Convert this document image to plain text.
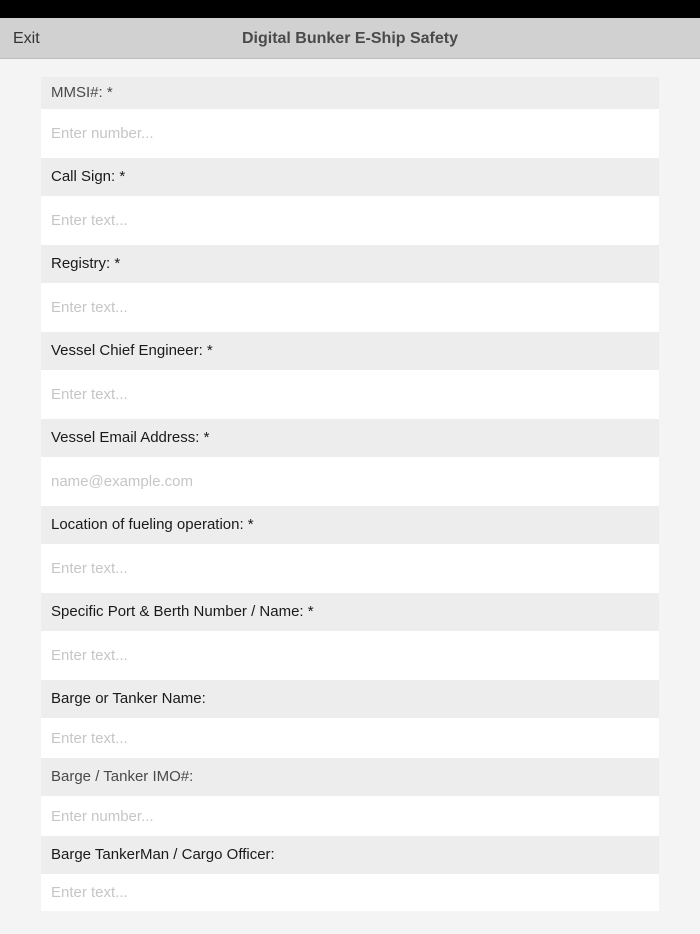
Exit	Digital Bunker E-Ship Safety
MMSI#: *
Enter number...
Call Sign: *
Enter text...
Registry: *
Enter text...
Vessel Chief Engineer: *
Enter text...
Vessel Email Address: *
name@example.com
Location of fueling operation: *
Enter text...
Specific Port & Berth Number / Name: *
Enter text...
Barge or Tanker Name:
Enter text...
Barge / Tanker IMO#:
Enter number...
Barge TankerMan / Cargo Officer:
Enter text...
